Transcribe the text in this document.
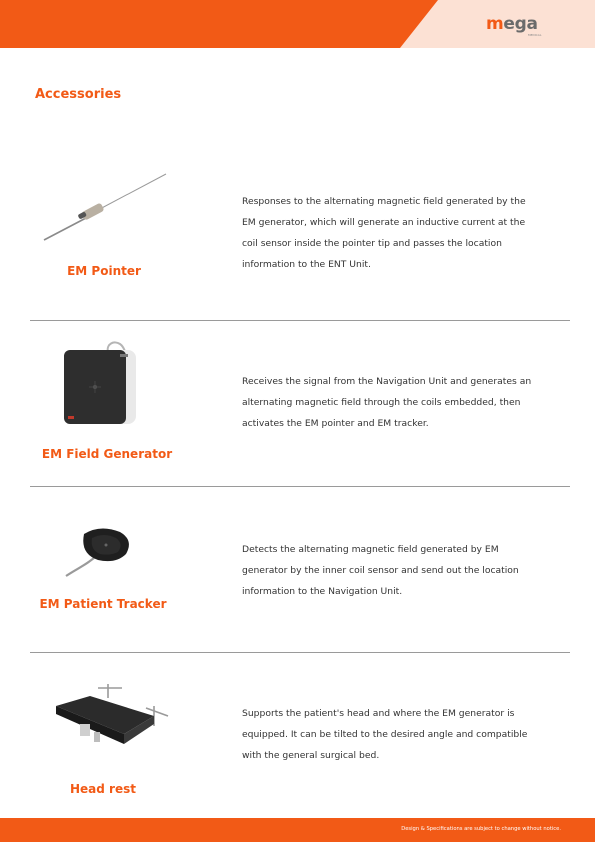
mega
MEDICAL
Accessories
EM Pointer

Responses to the alternating magnetic field generated by the EM generator, which will generate an inductive current at the coil sensor inside the pointer tip and passes the location information to the ENT Unit.

EM Field Generator

Receives the signal from the Navigation Unit and generates an alternating magnetic field through the coils embedded, then activates the EM pointer and EM tracker.

EM Patient Tracker

Detects the alternating magnetic field generated by EM generator by the inner coil sensor and send out the location information to the Navigation Unit.

Head rest

Supports the patient's head and where the EM generator is equipped. It can be tilted to the desired angle and compatible with the general surgical bed.

Design & Specifications are subject to change without notice.
